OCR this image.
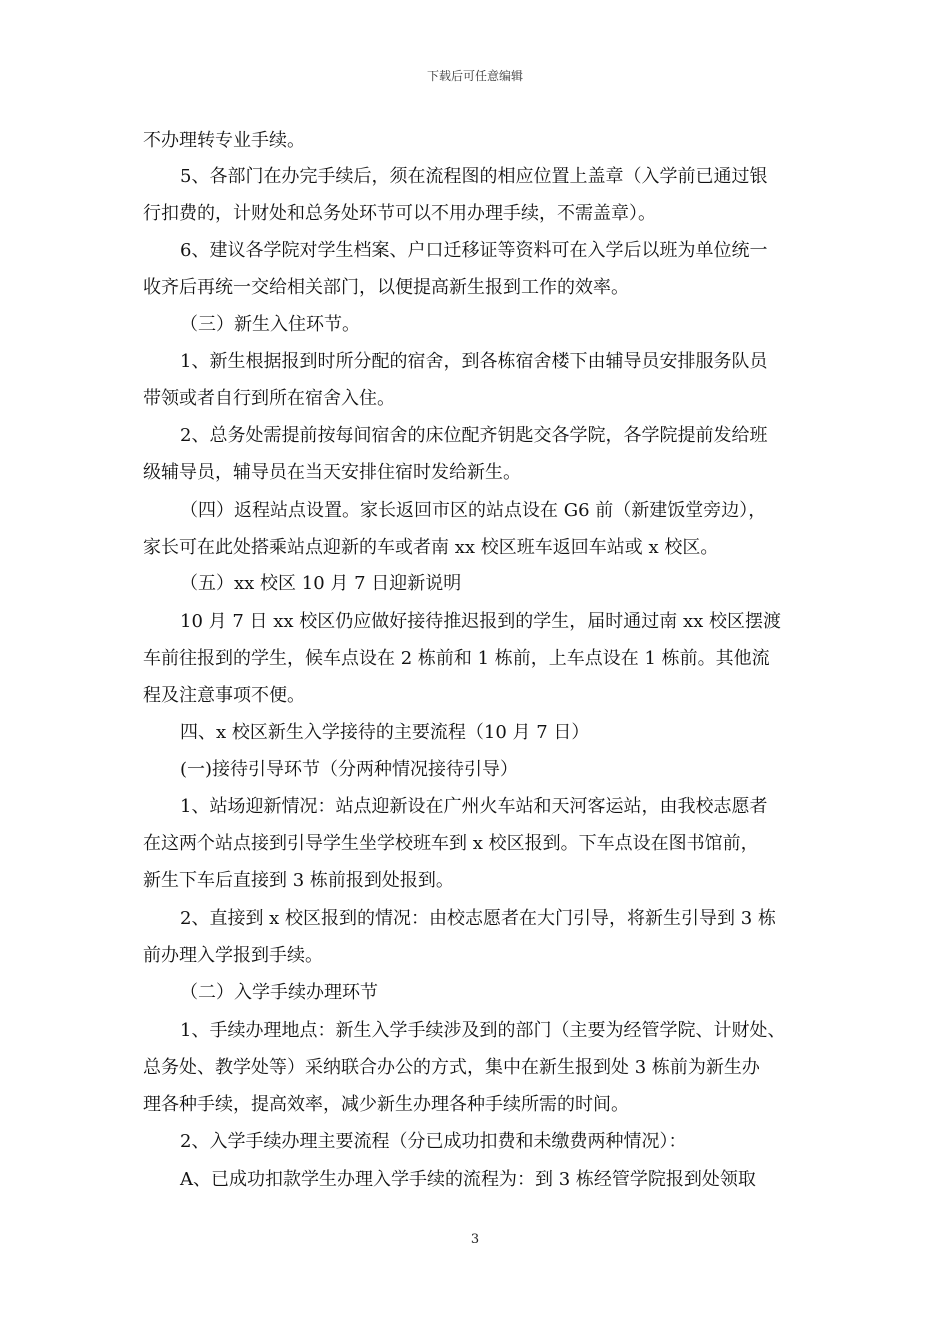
下载后可任意编辑
不办理转专业手续。
5、各部门在办完手续后，须在流程图的相应位置上盖章（入学前已通过银
行扣费的，计财处和总务处环节可以不用办理手续，不需盖章）。
6、建议各学院对学生档案、户口迁移证等资料可在入学后以班为单位统一
收齐后再统一交给相关部门，以便提高新生报到工作的效率。
（三）新生入住环节。
1、新生根据报到时所分配的宿舍，到各栋宿舍楼下由辅导员安排服务队员
带领或者自行到所在宿舍入住。
2、总务处需提前按每间宿舍的床位配齐钥匙交各学院，各学院提前发给班
级辅导员，辅导员在当天安排住宿时发给新生。
（四）返程站点设置。家长返回市区的站点设在 G6 前（新建饭堂旁边），
家长可在此处搭乘站点迎新的车或者南 xx 校区班车返回车站或 x 校区。
（五）xx 校区 10 月 7 日迎新说明
10 月 7 日 xx 校区仍应做好接待推迟报到的学生，届时通过南 xx 校区摆渡
车前往报到的学生，候车点设在 2 栋前和 1 栋前，上车点设在 1 栋前。其他流
程及注意事项不便。
四、x 校区新生入学接待的主要流程（10 月 7 日）
(一)接待引导环节（分两种情况接待引导）
1、站场迎新情况：站点迎新设在广州火车站和天河客运站，由我校志愿者
在这两个站点接到引导学生坐学校班车到 x 校区报到。下车点设在图书馆前，
新生下车后直接到 3 栋前报到处报到。
2、直接到 x 校区报到的情况：由校志愿者在大门引导，将新生引导到 3 栋
前办理入学报到手续。
（二）入学手续办理环节
1、手续办理地点：新生入学手续涉及到的部门（主要为经管学院、计财处、
总务处、教学处等）采纳联合办公的方式，集中在新生报到处 3 栋前为新生办
理各种手续，提高效率，减少新生办理各种手续所需的时间。
2、入学手续办理主要流程（分已成功扣费和未缴费两种情况）：
A、已成功扣款学生办理入学手续的流程为：到 3 栋经管学院报到处领取
3
